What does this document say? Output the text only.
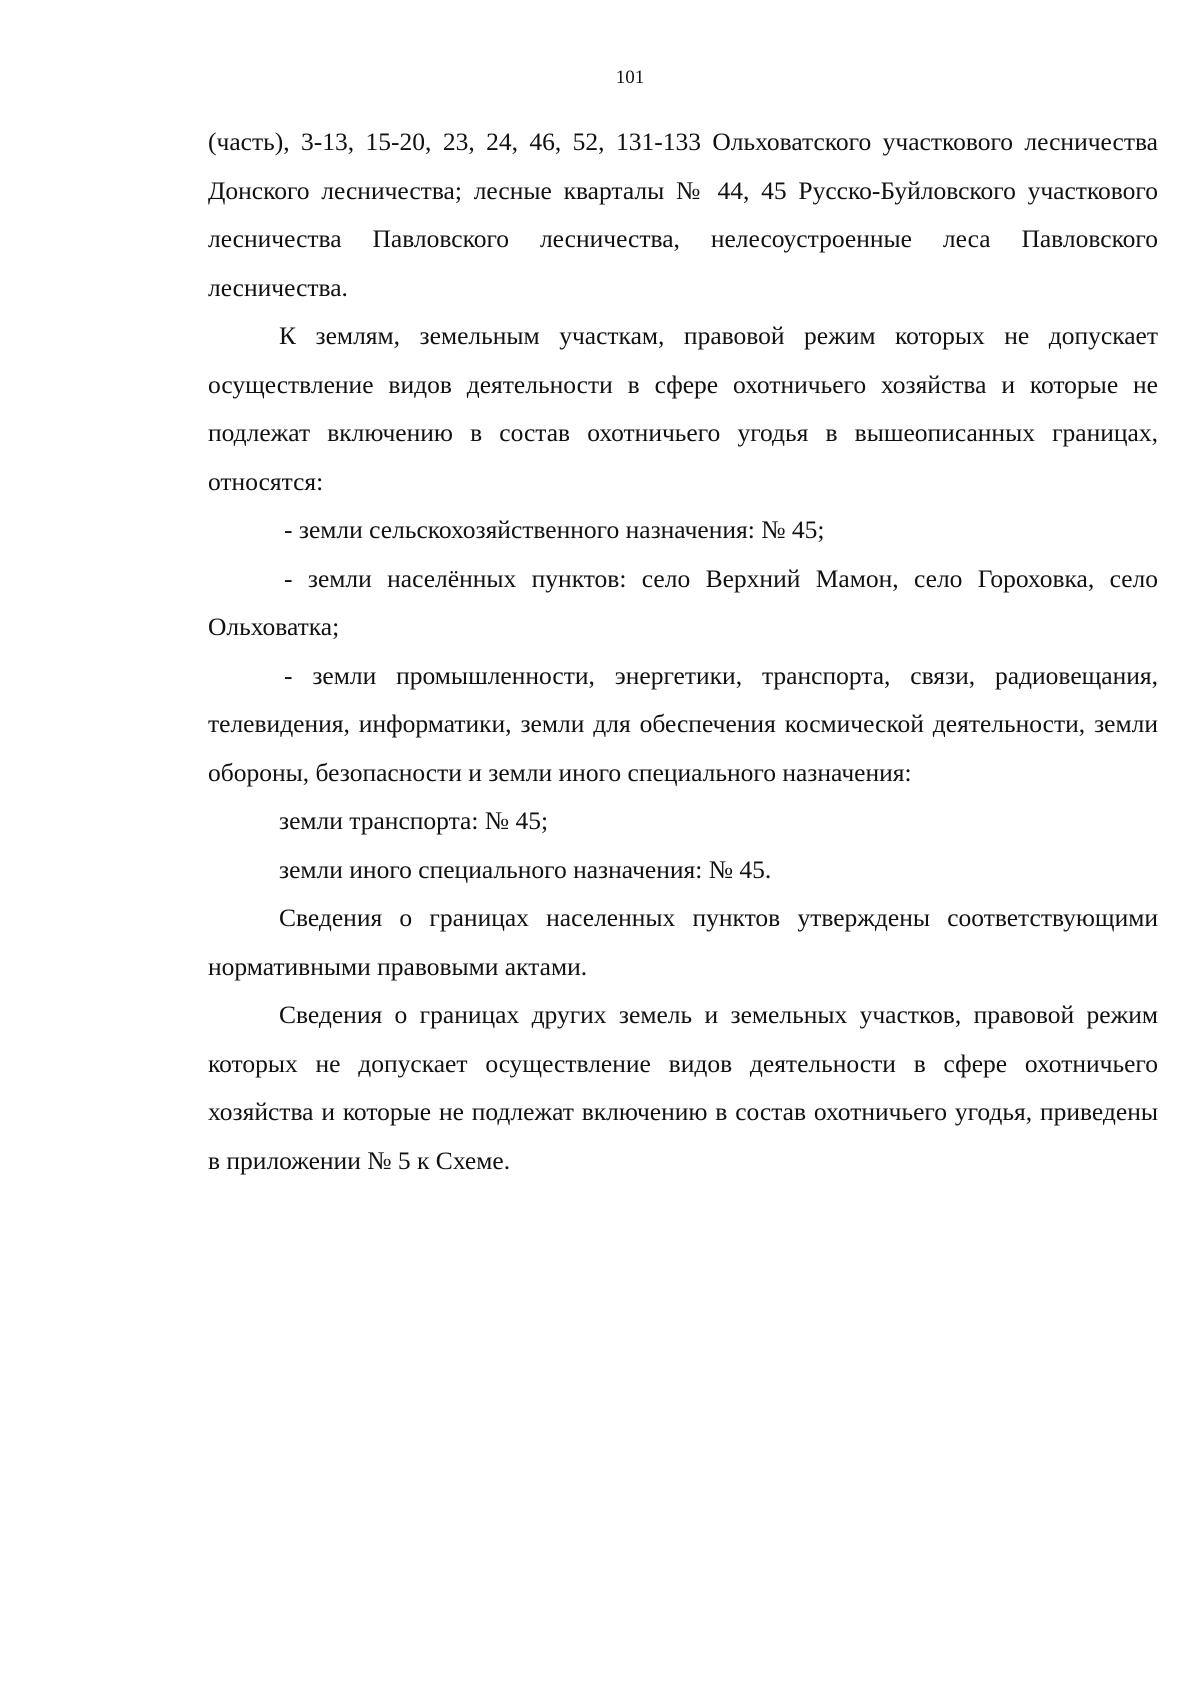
101

(часть), 3-13, 15-20, 23, 24, 46, 52, 131-133 Ольховатского участкового лесничества Донского лесничества; лесные кварталы № 44, 45 Русско-Буйловского участкового лесничества Павловского лесничества, нелесоустроенные леса Павловского лесничества.

К землям, земельным участкам, правовой режим которых не допускает осуществление видов деятельности в сфере охотничьего хозяйства и которые не подлежат включению в состав охотничьего угодья в вышеописанных границах, относятся:

- земли сельскохозяйственного назначения: № 45;

- земли населённых пунктов: село Верхний Мамон, село Гороховка, село Ольховатка;

- земли промышленности, энергетики, транспорта, связи, радиовещания, телевидения, информатики, земли для обеспечения космической деятельности, земли обороны, безопасности и земли иного специального назначения:

земли транспорта: № 45;

земли иного специального назначения: № 45.

Сведения о границах населенных пунктов утверждены соответствующими нормативными правовыми актами.

Сведения о границах других земель и земельных участков, правовой режим которых не допускает осуществление видов деятельности в сфере охотничьего хозяйства и которые не подлежат включению в состав охотничьего угодья, приведены в приложении № 5 к Схеме.
